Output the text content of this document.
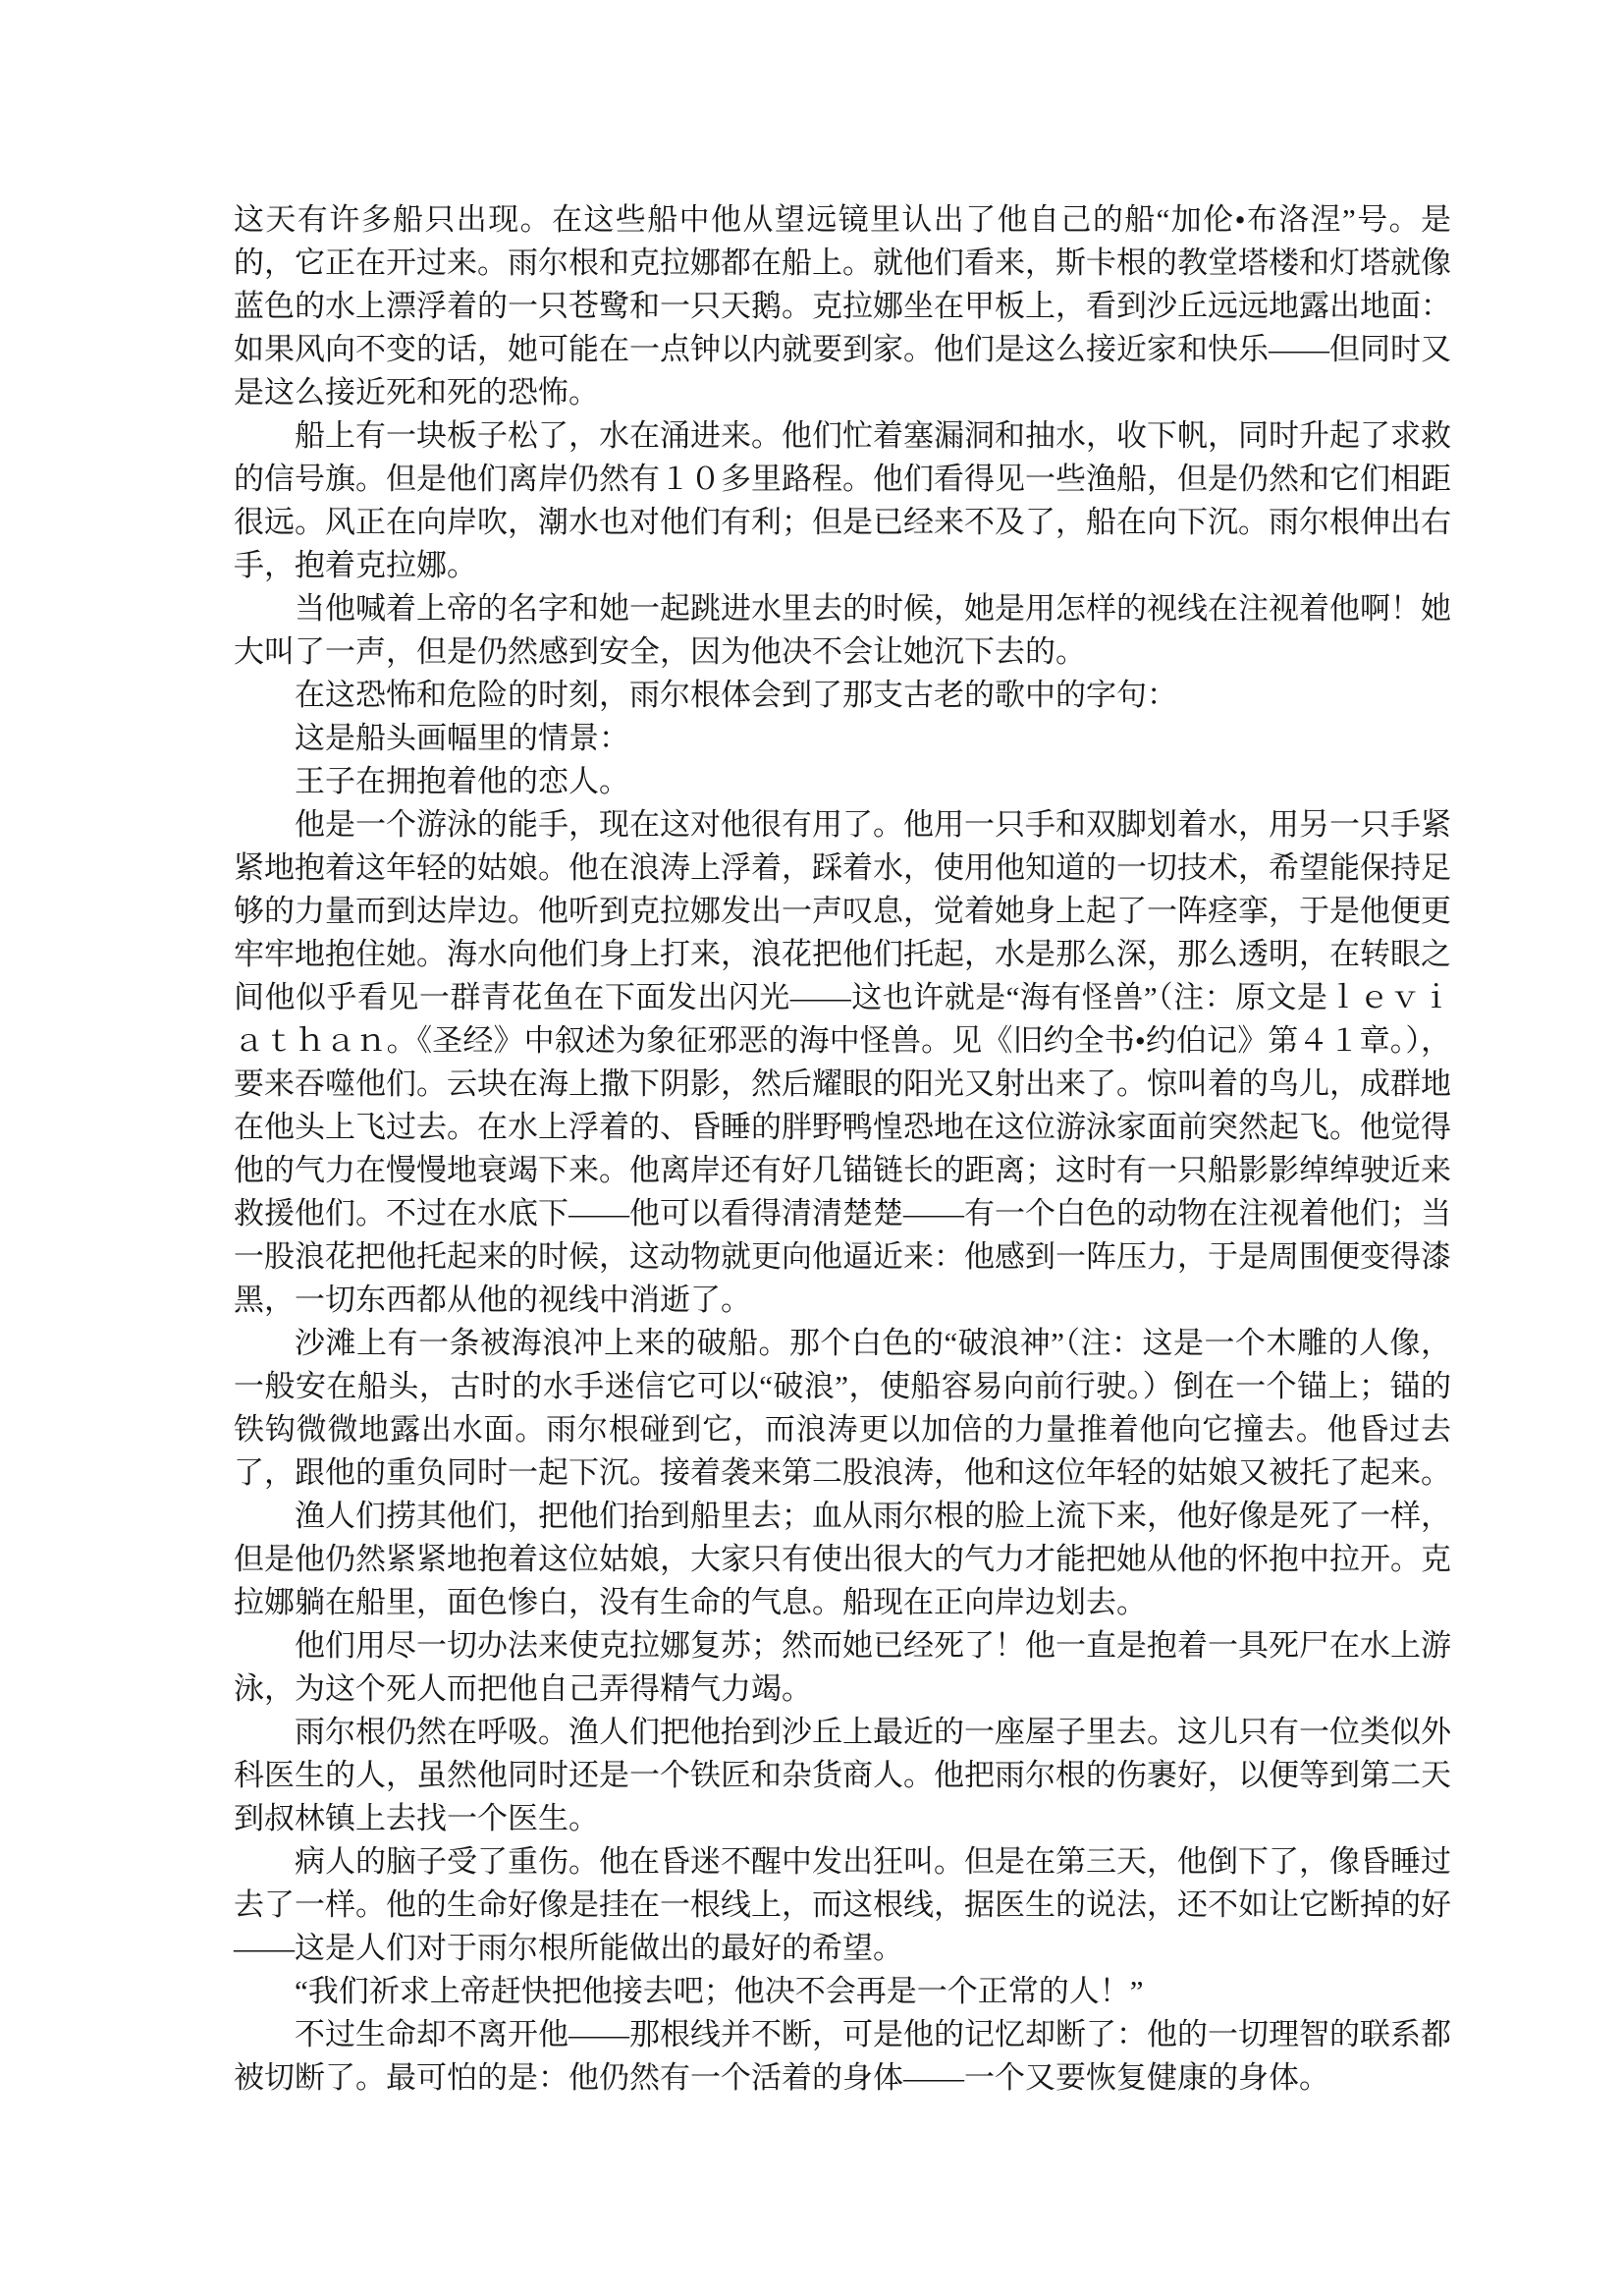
这天有许多船只出现。在这些船中他从望远镜里认出了他自己的船“加伦•布洛涅”号。是的，它正在开过来。雨尔根和克拉娜都在船上。就他们看来，斯卡根的教堂塔楼和灯塔就像蓝色的水上漂浮着的一只苍鹭和一只天鹅。克拉娜坐在甲板上，看到沙丘远远地露出地面：如果风向不变的话，她可能在一点钟以内就要到家。他们是这么接近家和快乐——但同时又是这么接近死和死的恐怖。

船上有一块板子松了，水在涌进来。他们忙着塞漏洞和抽水，收下帆，同时升起了求救的信号旗。但是他们离岸仍然有１０多里路程。他们看得见一些渔船，但是仍然和它们相距很远。风正在向岸吹，潮水也对他们有利；但是已经来不及了，船在向下沉。雨尔根伸出右手，抱着克拉娜。

当他喊着上帝的名字和她一起跳进水里去的时候，她是用怎样的视线在注视着他啊！她大叫了一声，但是仍然感到安全，因为他决不会让她沉下去的。

在这恐怖和危险的时刻，雨尔根体会到了那支古老的歌中的字句：

这是船头画幅里的情景：

王子在拥抱着他的恋人。

他是一个游泳的能手，现在这对他很有用了。他用一只手和双脚划着水，用另一只手紧紧地抱着这年轻的姑娘。他在浪涛上浮着，踩着水，使用他知道的一切技术，希望能保持足够的力量而到达岸边。他听到克拉娜发出一声叹息，觉着她身上起了一阵痉挛，于是他便更牢牢地抱住她。海水向他们身上打来，浪花把他们托起，水是那么深，那么透明，在转眼之间他似乎看见一群青花鱼在下面发出闪光——这也许就是“海有怪兽”（注：原文是ｌｅｖｉａｔｈａｎ。《圣经》中叙述为象征邪恶的海中怪兽。见《旧约全书•约伯记》第４１章。），要来吞噬他们。云块在海上撒下阴影，然后耀眼的阳光又射出来了。惊叫着的鸟儿，成群地在他头上飞过去。在水上浮着的、昏睡的胖野鸭惶恐地在这位游泳家面前突然起飞。他觉得他的气力在慢慢地衰竭下来。他离岸还有好几锚链长的距离；这时有一只船影影绰绰驶近来救援他们。不过在水底下——他可以看得清清楚楚——有一个白色的动物在注视着他们；当一股浪花把他托起来的时候，这动物就更向他逼近来：他感到一阵压力，于是周围便变得漆黑，一切东西都从他的视线中消逝了。

沙滩上有一条被海浪冲上来的破船。那个白色的“破浪神”（注：这是一个木雕的人像，一般安在船头，古时的水手迷信它可以“破浪”，使船容易向前行驶。）倒在一个锚上；锚的铁钩微微地露出水面。雨尔根碰到它，而浪涛更以加倍的力量推着他向它撞去。他昏过去了，跟他的重负同时一起下沉。接着袭来第二股浪涛，他和这位年轻的姑娘又被托了起来。

渔人们捞其他们，把他们抬到船里去；血从雨尔根的脸上流下来，他好像是死了一样，但是他仍然紧紧地抱着这位姑娘，大家只有使出很大的气力才能把她从他的怀抱中拉开。克拉娜躺在船里，面色惨白，没有生命的气息。船现在正向岸边划去。

他们用尽一切办法来使克拉娜复苏；然而她已经死了！他一直是抱着一具死尸在水上游泳，为这个死人而把他自己弄得精气力竭。

雨尔根仍然在呼吸。渔人们把他抬到沙丘上最近的一座屋子里去。这儿只有一位类似外科医生的人，虽然他同时还是一个铁匠和杂货商人。他把雨尔根的伤裹好，以便等到第二天到叔林镇上去找一个医生。

病人的脑子受了重伤。他在昏迷不醒中发出狂叫。但是在第三天，他倒下了，像昏睡过去了一样。他的生命好像是挂在一根线上，而这根线，据医生的说法，还不如让它断掉的好——这是人们对于雨尔根所能做出的最好的希望。

“我们祈求上帝赶快把他接去吧；他决不会再是一个正常的人！”

不过生命却不离开他——那根线并不断，可是他的记忆却断了：他的一切理智的联系都被切断了。最可怕的是：他仍然有一个活着的身体——一个又要恢复健康的身体。
